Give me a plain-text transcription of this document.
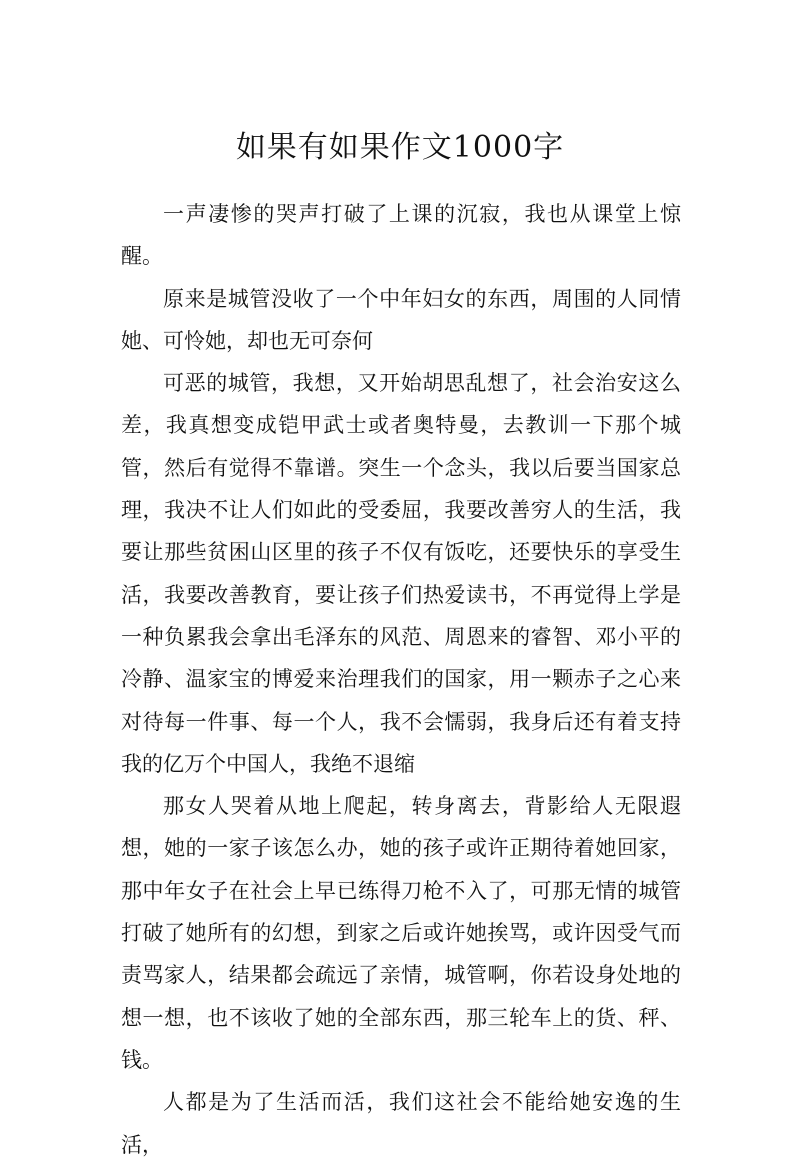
如果有如果作文1000字

一声凄惨的哭声打破了上课的沉寂，我也从课堂上惊醒。

原来是城管没收了一个中年妇女的东西，周围的人同情她、可怜她，却也无可奈何

可恶的城管，我想，又开始胡思乱想了，社会治安这么差，我真想变成铠甲武士或者奥特曼，去教训一下那个城管，然后有觉得不靠谱。突生一个念头，我以后要当国家总理，我决不让人们如此的受委屈，我要改善穷人的生活，我要让那些贫困山区里的孩子不仅有饭吃，还要快乐的享受生活，我要改善教育，要让孩子们热爱读书，不再觉得上学是一种负累我会拿出毛泽东的风范、周恩来的睿智、邓小平的冷静、温家宝的博爱来治理我们的国家，用一颗赤子之心来对待每一件事、每一个人，我不会懦弱，我身后还有着支持我的亿万个中国人，我绝不退缩

那女人哭着从地上爬起，转身离去，背影给人无限遐想，她的一家子该怎么办，她的孩子或许正期待着她回家，那中年女子在社会上早已练得刀枪不入了，可那无情的城管打破了她所有的幻想，到家之后或许她挨骂，或许因受气而责骂家人，结果都会疏远了亲情，城管啊，你若设身处地的想一想，也不该收了她的全部东西，那三轮车上的货、秤、钱。

人都是为了生活而活，我们这社会不能给她安逸的生活，
